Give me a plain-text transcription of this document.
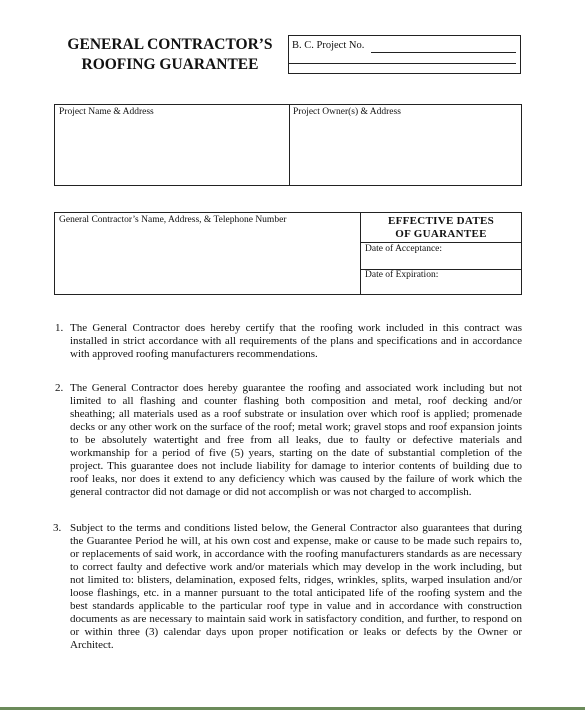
GENERAL CONTRACTOR’S
ROOFING GUARANTEE
B. C. Project No.
Project Name & Address	Project Owner(s) & Address
General Contractor’s Name, Address, & Telephone Number	EFFECTIVE DATES
OF GUARANTEE
Date of Acceptance:
Date of Expiration:
1. The General Contractor does hereby certify that the roofing work included in this contract was installed in strict accordance with all requirements of the plans and specifications and in accordance with approved roofing manufacturers recommendations.
2. The General Contractor does hereby guarantee the roofing and associated work including but not limited to all flashing and counter flashing both composition and metal, roof decking and/or sheathing; all materials used as a roof substrate or insulation over which roof is applied; promenade decks or any other work on the surface of the roof; metal work; gravel stops and roof expansion joints to be absolutely watertight and free from all leaks, due to faulty or defective materials and workmanship for a period of five (5) years, starting on the date of substantial completion of the project. This guarantee does not include liability for damage to interior contents of building due to roof leaks, nor does it extend to any deficiency which was caused by the failure of work which the general contractor did not damage or did not accomplish or was not charged to accomplish.
3. Subject to the terms and conditions listed below, the General Contractor also guarantees that during the Guarantee Period he will, at his own cost and expense, make or cause to be made such repairs to, or replacements of said work, in accordance with the roofing manufacturers standards as are necessary to correct faulty and defective work and/or materials which may develop in the work including, but not limited to: blisters, delamination, exposed felts, ridges, wrinkles, splits, warped insulation and/or loose flashings, etc. in a manner pursuant to the total anticipated life of the roofing system and the best standards applicable to the particular roof type in value and in accordance with construction documents as are necessary to maintain said work in satisfactory condition, and further, to respond on or within three (3) calendar days upon proper notification or leaks or defects by the Owner or Architect.
